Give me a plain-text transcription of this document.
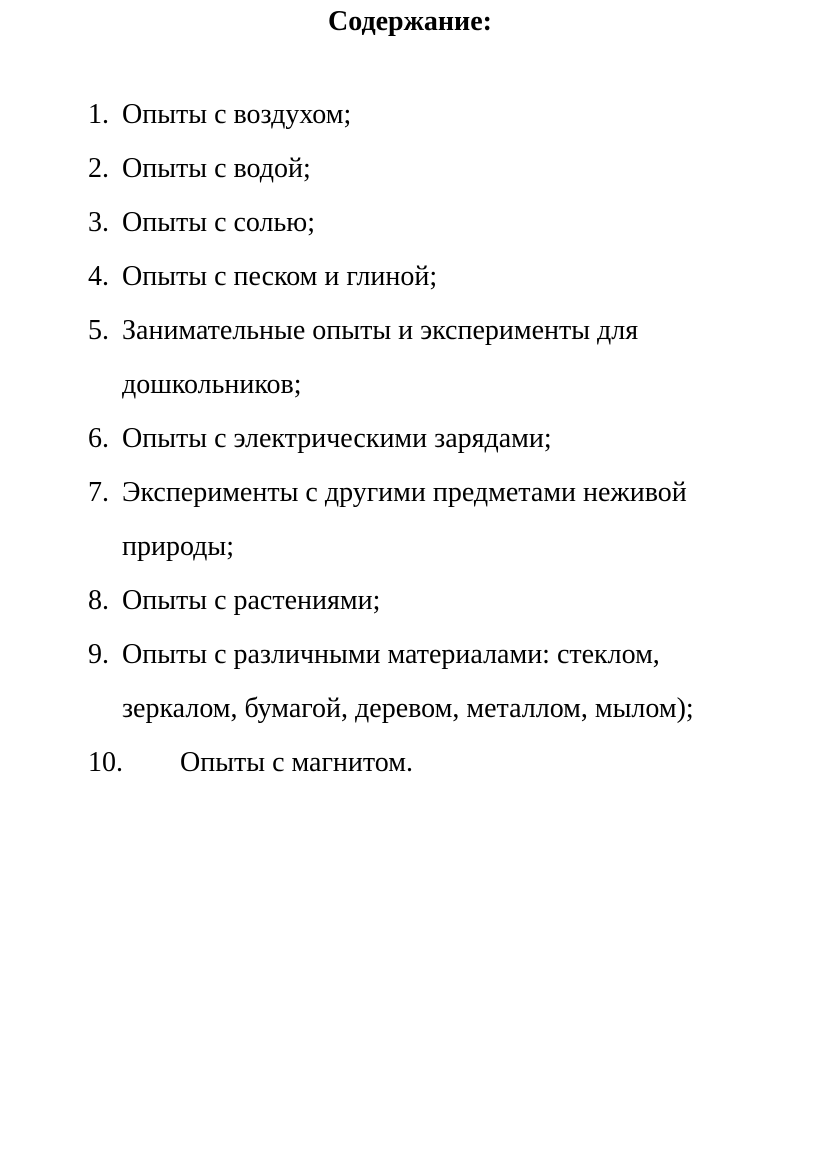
Содержание:
1. Опыты с воздухом;
2. Опыты с водой;
3. Опыты с солью;
4. Опыты с песком и глиной;
5. Занимательные опыты и эксперименты для
дошкольников;
6. Опыты с электрическими зарядами;
7. Эксперименты с другими предметами неживой
природы;
8. Опыты с растениями;
9. Опыты с различными материалами: стеклом,
зеркалом, бумагой, деревом, металлом, мылом);
10.	Опыты с магнитом.
